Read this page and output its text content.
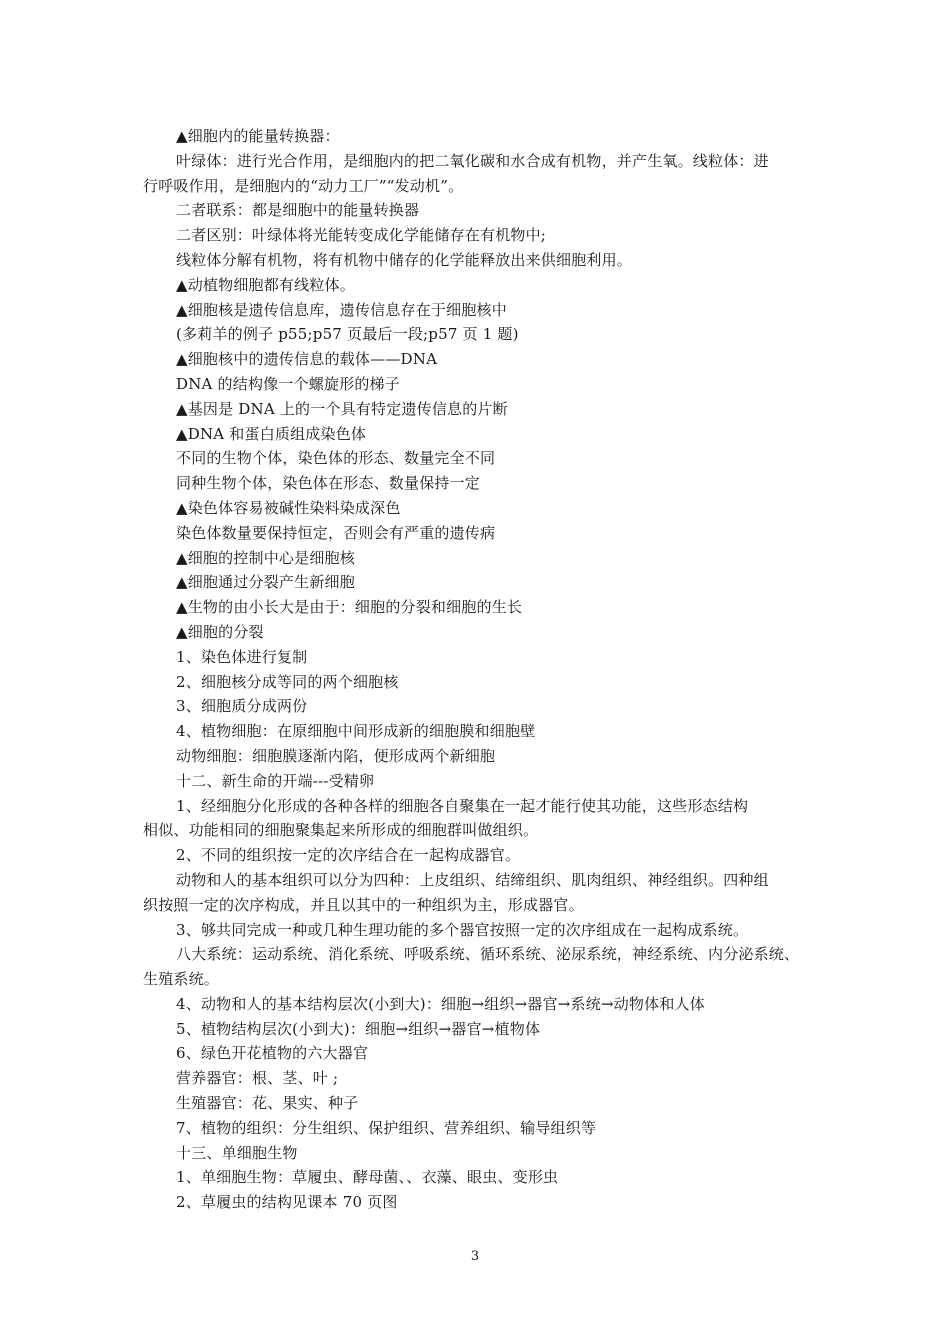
▲细胞内的能量转换器：
叶绿体：进行光合作用，是细胞内的把二氧化碳和水合成有机物，并产生氧。线粒体：进
行呼吸作用，是细胞内的“动力工厂”“发动机”。
二者联系：都是细胞中的能量转换器
二者区别：叶绿体将光能转变成化学能储存在有机物中;
线粒体分解有机物，将有机物中储存的化学能释放出来供细胞利用。
▲动植物细胞都有线粒体。
▲细胞核是遗传信息库，遗传信息存在于细胞核中
(多莉羊的例子 p55;p57 页最后一段;p57 页 1 题)
▲细胞核中的遗传信息的载体——DNA
DNA 的结构像一个螺旋形的梯子
▲基因是 DNA 上的一个具有特定遗传信息的片断
▲DNA 和蛋白质组成染色体
不同的生物个体，染色体的形态、数量完全不同
同种生物个体，染色体在形态、数量保持一定
▲染色体容易被碱性染料染成深色
染色体数量要保持恒定，否则会有严重的遗传病
▲细胞的控制中心是细胞核
▲细胞通过分裂产生新细胞
▲生物的由小长大是由于：细胞的分裂和细胞的生长
▲细胞的分裂
1、染色体进行复制
2、细胞核分成等同的两个细胞核
3、细胞质分成两份
4、植物细胞：在原细胞中间形成新的细胞膜和细胞壁
动物细胞：细胞膜逐渐内陷，便形成两个新细胞
十二、新生命的开端---受精卵
1、经细胞分化形成的各种各样的细胞各自聚集在一起才能行使其功能，这些形态结构
相似、功能相同的细胞聚集起来所形成的细胞群叫做组织。
2、不同的组织按一定的次序结合在一起构成器官。
动物和人的基本组织可以分为四种：上皮组织、结缔组织、肌肉组织、神经组织。四种组
织按照一定的次序构成，并且以其中的一种组织为主，形成器官。
3、够共同完成一种或几种生理功能的多个器官按照一定的次序组成在一起构成系统。
八大系统：运动系统、消化系统、呼吸系统、循环系统、泌尿系统，神经系统、内分泌系统、
生殖系统。
4、动物和人的基本结构层次(小到大)：细胞→组织→器官→系统→动物体和人体
5、植物结构层次(小到大)：细胞→组织→器官→植物体
6、绿色开花植物的六大器官
营养器官：根、茎、叶 ;
生殖器官：花、果实、种子
7、植物的组织：分生组织、保护组织、营养组织、输导组织等
十三、单细胞生物
1、单细胞生物：草履虫、酵母菌、、衣藻、眼虫、变形虫
2、草履虫的结构见课本 70 页图
3
